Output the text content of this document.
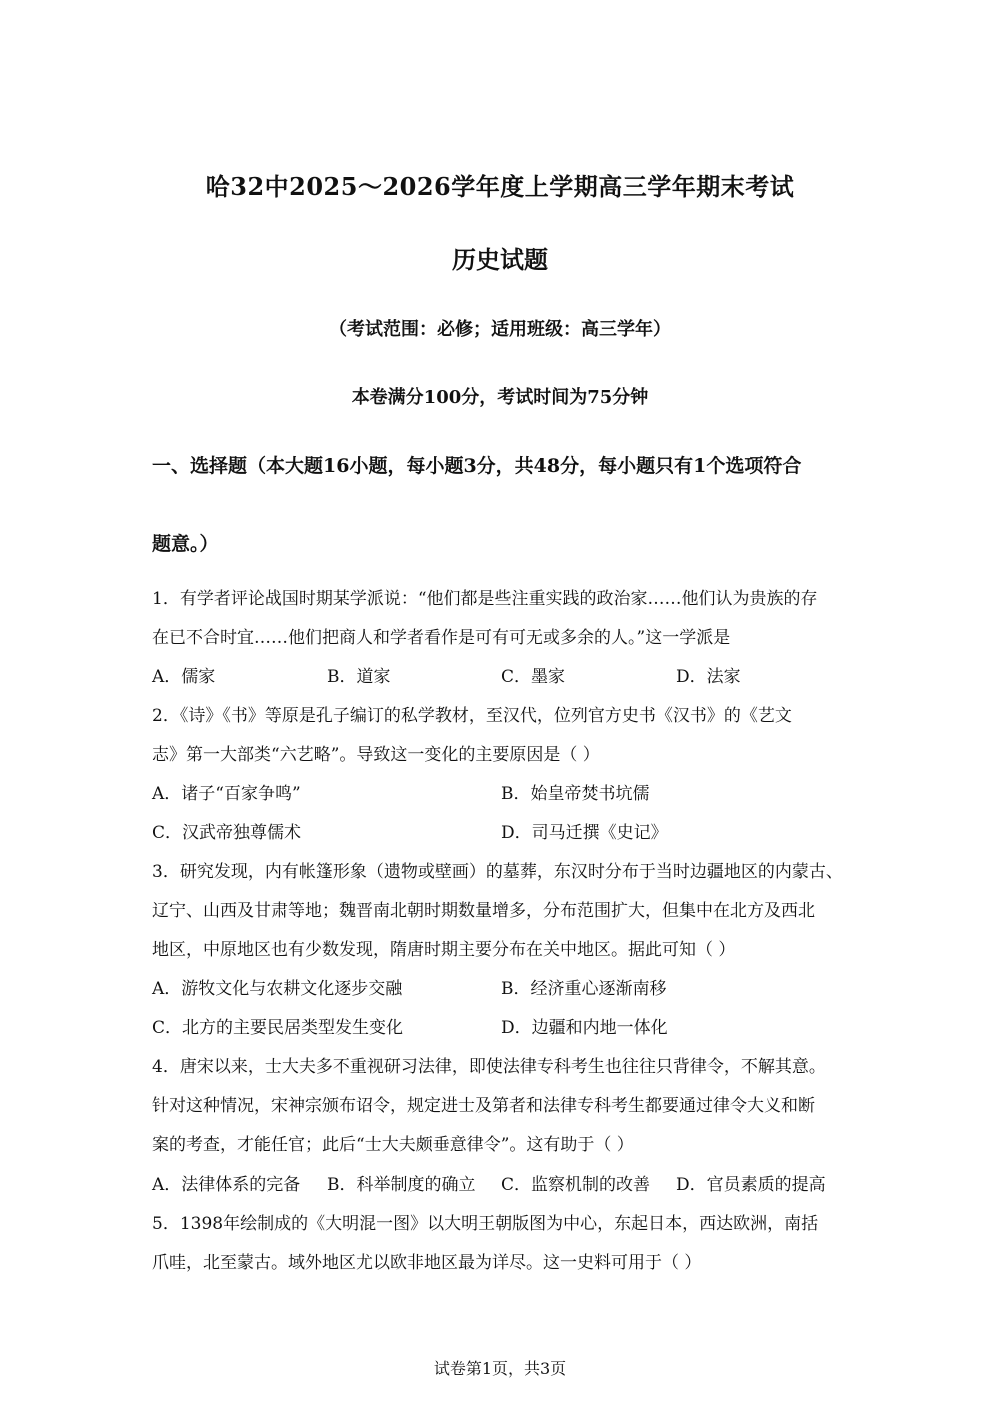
哈32中2025～2026学年度上学期高三学年期末考试
历史试题
（考试范围：必修；适用班级：高三学年）
本卷满分100分，考试时间为75分钟
一、选择题（本大题16小题，每小题3分，共48分，每小题只有1个选项符合
题意。）
1．有学者评论战国时期某学派说：“他们都是些注重实践的政治家……他们认为贵族的存
在已不合时宜……他们把商人和学者看作是可有可无或多余的人。”这一学派是
A．儒家	B．道家	C．墨家	D．法家
2．《诗》《书》等原是孔子编订的私学教材，至汉代，位列官方史书《汉书》的《艺文
志》第一大部类“六艺略”。导致这一变化的主要原因是（ ）
A．诸子“百家争鸣”	B．始皇帝焚书坑儒
C．汉武帝独尊儒术	D．司马迁撰《史记》
3．研究发现，内有帐篷形象（遗物或壁画）的墓葬，东汉时分布于当时边疆地区的内蒙古、
辽宁、山西及甘肃等地；魏晋南北朝时期数量增多，分布范围扩大，但集中在北方及西北
地区，中原地区也有少数发现，隋唐时期主要分布在关中地区。据此可知（ ）
A．游牧文化与农耕文化逐步交融	B．经济重心逐渐南移
C．北方的主要民居类型发生变化	D．边疆和内地一体化
4．唐宋以来，士大夫多不重视研习法律，即使法律专科考生也往往只背律令，不解其意。
针对这种情况，宋神宗颁布诏令，规定进士及第者和法律专科考生都要通过律令大义和断
案的考查，才能任官；此后“士大夫颇垂意律令”。这有助于（ ）
A．法律体系的完备 B．科举制度的确立 C．监察机制的改善 D．官员素质的提高
5．1398年绘制成的《大明混一图》以大明王朝版图为中心，东起日本，西达欧洲，南括
爪哇，北至蒙古。域外地区尤以欧非地区最为详尽。这一史料可用于（ ）
试卷第1页，共3页
